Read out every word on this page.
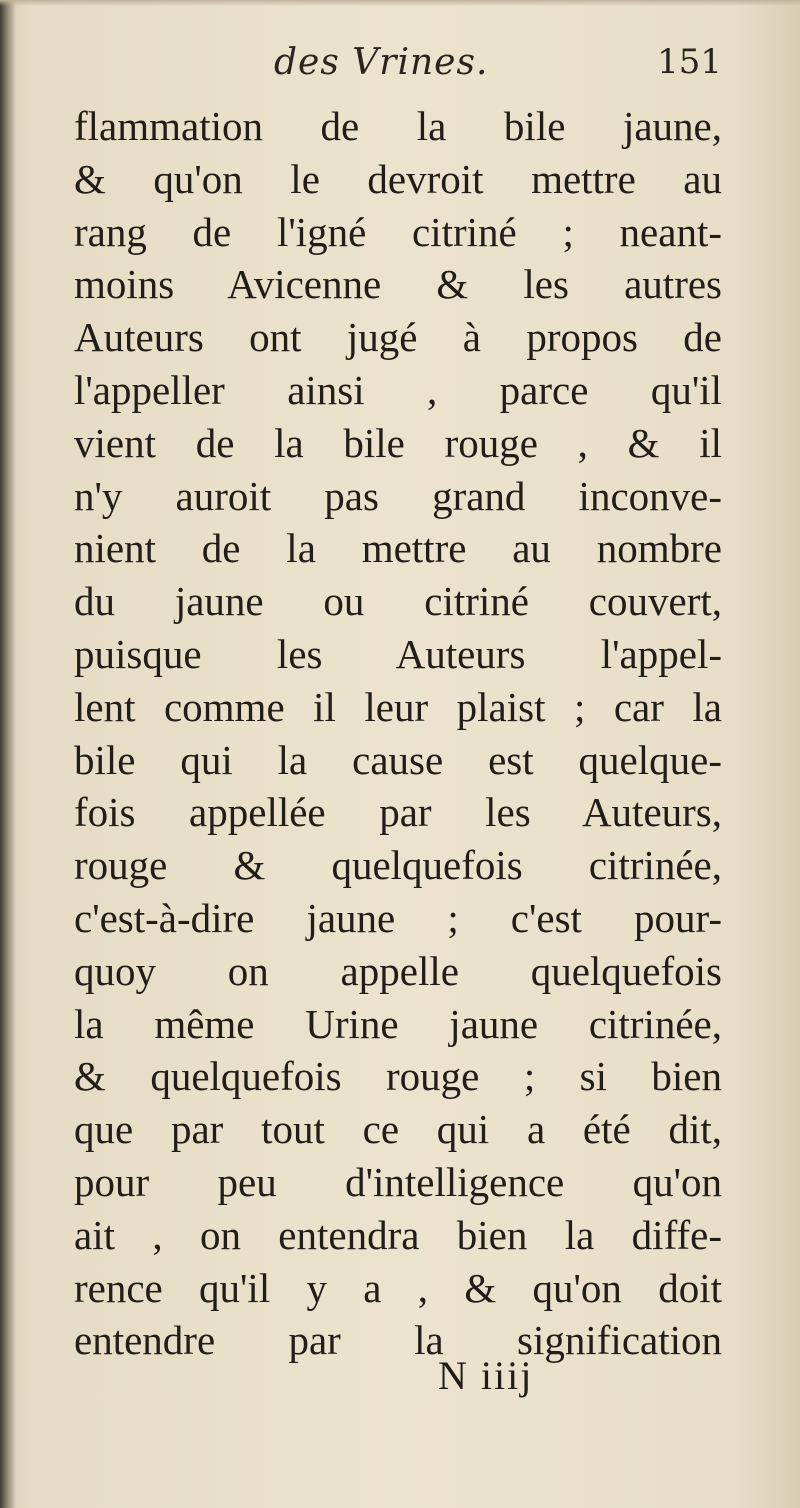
des Vrines.	151
flammation de la bile jaune,
& qu'on le devroit mettre au
rang de l'igné citriné ; neant-
moins Avicenne & les autres
Auteurs ont jugé à propos de
l'appeller ainsi , parce qu'il
vient de la bile rouge , & il
n'y auroit pas grand inconve-
nient de la mettre au nombre
du jaune ou citriné couvert,
puisque les Auteurs l'appel-
lent comme il leur plaist ; car la
bile qui la cause est quelque-
fois appellée par les Auteurs,
rouge & quelquefois citrinée,
c'est-à-dire jaune ; c'est pour-
quoy on appelle quelquefois
la même Urine jaune citrinée,
& quelquefois rouge ; si bien
que par tout ce qui a été dit,
pour peu d'intelligence qu'on
ait , on entendra bien la diffe-
rence qu'il y a , & qu'on doit
entendre par la signification
N iiij
